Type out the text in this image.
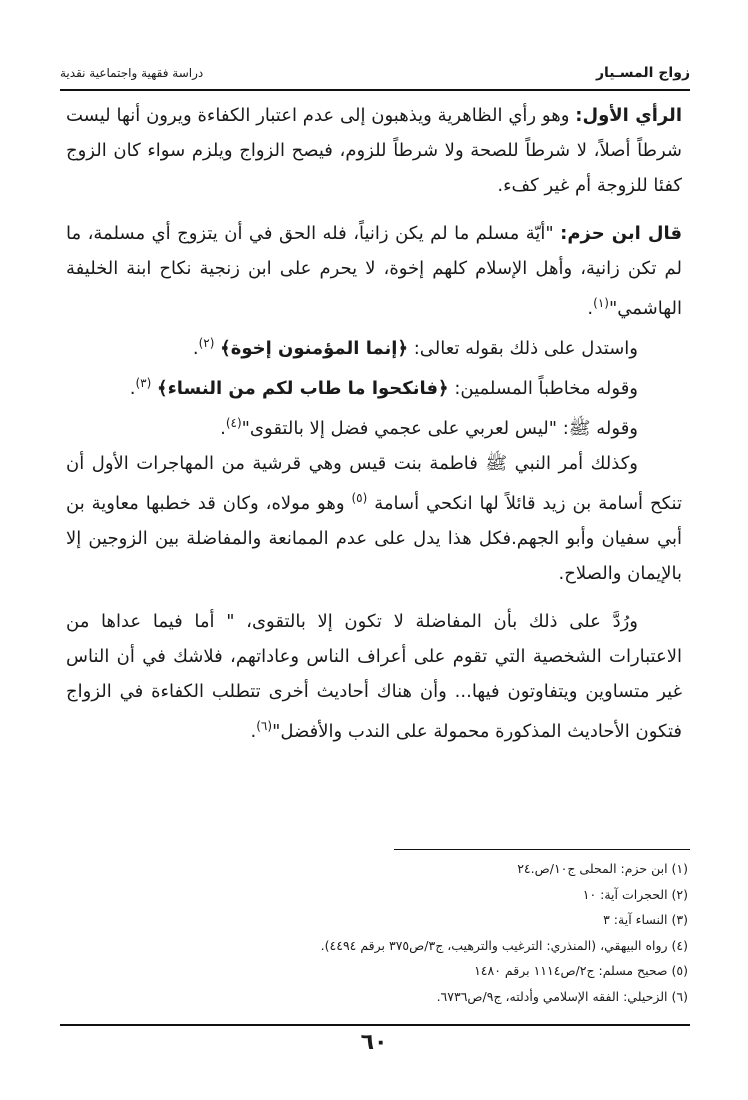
زواج المسـيار
دراسة فقهية واجتماعية نقدية

الرأي الأول: وهو رأي الظاهرية ويذهبون إلى عدم اعتبار الكفاءة ويرون أنها ليست شرطاً أصلاً، لا شرطاً للصحة ولا شرطاً للزوم، فيصح الزواج ويلزم سواء كان الزوج كفئا للزوجة أم غير كفء.

قال ابن حزم: "أيّة مسلم ما لم يكن زانياً، فله الحق في أن يتزوج أي مسلمة، ما لم تكن زانية، وأهل الإسلام كلهم إخوة، لا يحرم على ابن زنجية نكاح ابنة الخليفة الهاشمي"$^{(١)}$.

واستدل على ذلك بقوله تعالى: ﴿إنما المؤمنون إخوة﴾ $^{(٢)}$.

وقوله مخاطباً المسلمين: ﴿فانكحوا ما طاب لكم من النساء﴾ $^{(٣)}$.

وقوله ﷺ: "ليس لعربي على عجمي فضل إلا بالتقوى"$^{(٤)}$.

وكذلك أمر النبي ﷺ فاطمة بنت قيس وهي قرشية من المهاجرات الأول أن تنكح أسامة بن زيد قائلاً لها انكحي أسامة $^{(٥)}$ وهو مولاه، وكان قد خطبها معاوية بن أبي سفيان وأبو الجهم.فكل هذا يدل على عدم الممانعة والمفاضلة بين الزوجين إلا بالإيمان والصلاح.

ورُدَّ على ذلك بأن المفاضلة لا تكون إلا بالتقوى، " أما فيما عداها من الاعتبارات الشخصية التي تقوم على أعراف الناس وعاداتهم، فلاشك في أن الناس غير متساوين ويتفاوتون فيها... وأن هناك أحاديث أخرى تتطلب الكفاءة في الزواج فتكون الأحاديث المذكورة محمولة على الندب والأفضل"$^{(٦)}$.

(١) ابن حزم: المحلى ج١٠/ص.٢٤
(٢) الحجرات آية: ١٠
(٣) النساء آية: ٣
(٤) رواه البيهقي، (المنذري: الترغيب والترهيب، ج٣/ص٣٧٥ برقم ٤٤٩٤).
(٥) صحيح مسلم: ج٢/ص١١١٤ برقم ١٤٨٠
(٦) الزحيلي: الفقه الإسلامي وأدلته، ج٩/ص٦٧٣٦.
٦٠
